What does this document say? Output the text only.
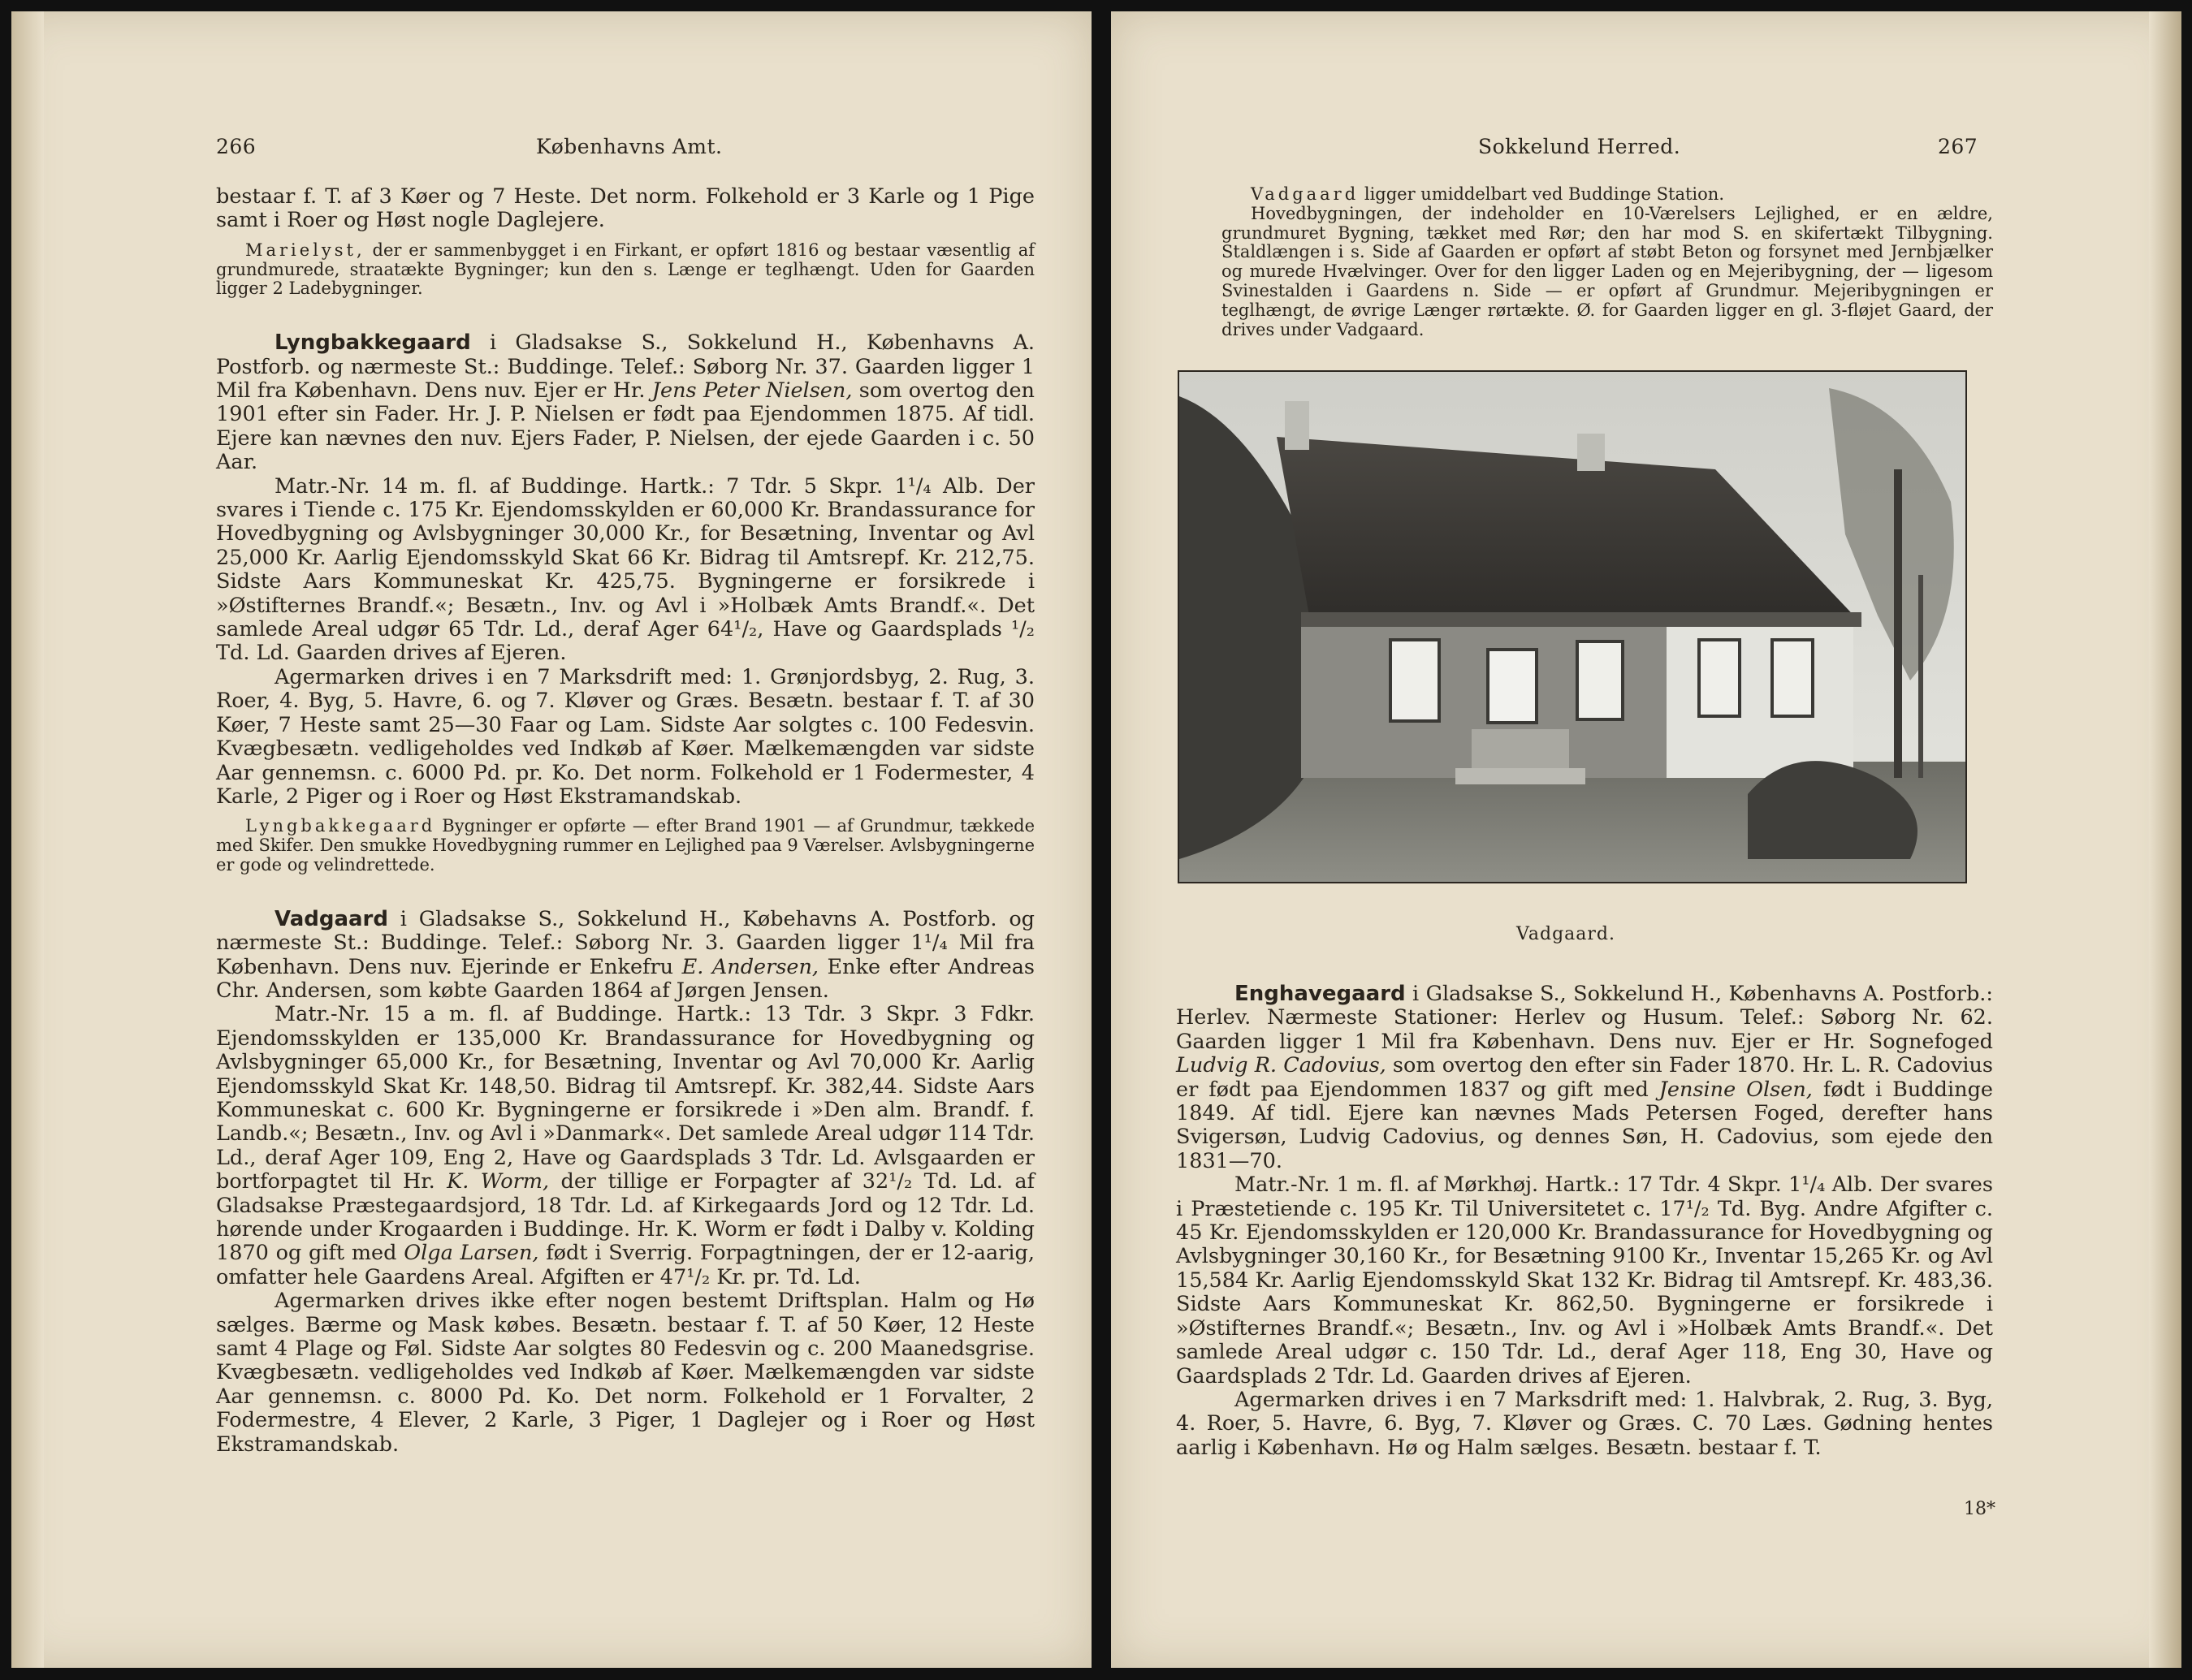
266	Københavns Amt.

bestaar f. T. af 3 Køer og 7 Heste. Det norm. Folkehold er 3 Karle og 1 Pige samt i Roer og Høst nogle Daglejere.

Marielyst, der er sammenbygget i en Firkant, er opført 1816 og bestaar væsentlig af grundmurede, straatækte Bygninger; kun den s. Længe er teglhængt. Uden for Gaarden ligger 2 Ladebygninger.

Lyngbakkegaard i Gladsakse S., Sokkelund H., Københavns A. Postforb. og nærmeste St.: Buddinge. Telef.: Søborg Nr. 37. Gaarden ligger 1 Mil fra København. Dens nuv. Ejer er Hr. Jens Peter Nielsen, som overtog den 1901 efter sin Fader. Hr. J. P. Nielsen er født paa Ejendommen 1875. Af tidl. Ejere kan nævnes den nuv. Ejers Fader, P. Nielsen, der ejede Gaarden i c. 50 Aar.

Matr.-Nr. 14 m. fl. af Buddinge. Hartk.: 7 Tdr. 5 Skpr. 1¹/₄ Alb. Der svares i Tiende c. 175 Kr. Ejendomsskylden er 60,000 Kr. Brandassurance for Hovedbygning og Avlsbygninger 30,000 Kr., for Besætning, Inventar og Avl 25,000 Kr. Aarlig Ejendomsskyld Skat 66 Kr. Bidrag til Amtsrepf. Kr. 212,75. Sidste Aars Kommuneskat Kr. 425,75. Bygningerne er forsikrede i »Østifternes Brandf.«; Besætn., Inv. og Avl i »Holbæk Amts Brandf.«. Det samlede Areal udgør 65 Tdr. Ld., deraf Ager 64¹/₂, Have og Gaardsplads ¹/₂ Td. Ld. Gaarden drives af Ejeren.

Agermarken drives i en 7 Marksdrift med: 1. Grønjordsbyg, 2. Rug, 3. Roer, 4. Byg, 5. Havre, 6. og 7. Kløver og Græs. Besætn. bestaar f. T. af 30 Køer, 7 Heste samt 25—30 Faar og Lam. Sidste Aar solgtes c. 100 Fedesvin. Kvægbesætn. vedligeholdes ved Indkøb af Køer. Mælkemængden var sidste Aar gennemsn. c. 6000 Pd. pr. Ko. Det norm. Folkehold er 1 Fodermester, 4 Karle, 2 Piger og i Roer og Høst Ekstramandskab.

Lyngbakkegaard Bygninger er opførte — efter Brand 1901 — af Grundmur, tækkede med Skifer. Den smukke Hovedbygning rummer en Lejlighed paa 9 Værelser. Avlsbygningerne er gode og velindrettede.

Vadgaard i Gladsakse S., Sokkelund H., Købehavns A. Postforb. og nærmeste St.: Buddinge. Telef.: Søborg Nr. 3. Gaarden ligger 1¹/₄ Mil fra København. Dens nuv. Ejerinde er Enkefru E. Andersen, Enke efter Andreas Chr. Andersen, som købte Gaarden 1864 af Jørgen Jensen.

Matr.-Nr. 15 a m. fl. af Buddinge. Hartk.: 13 Tdr. 3 Skpr. 3 Fdkr. Ejendomsskylden er 135,000 Kr. Brandassurance for Hovedbygning og Avlsbygninger 65,000 Kr., for Besætning, Inventar og Avl 70,000 Kr. Aarlig Ejendomsskyld Skat Kr. 148,50. Bidrag til Amtsrepf. Kr. 382,44. Sidste Aars Kommuneskat c. 600 Kr. Bygningerne er forsikrede i »Den alm. Brandf. f. Landb.«; Besætn., Inv. og Avl i »Danmark«. Det samlede Areal udgør 114 Tdr. Ld., deraf Ager 109, Eng 2, Have og Gaardsplads 3 Tdr. Ld. Avlsgaarden er bortforpagtet til Hr. K. Worm, der tillige er Forpagter af 32¹/₂ Td. Ld. af Gladsakse Præstegaardsjord, 18 Tdr. Ld. af Kirkegaards Jord og 12 Tdr. Ld. hørende under Krogaarden i Buddinge. Hr. K. Worm er født i Dalby v. Kolding 1870 og gift med Olga Larsen, født i Sverrig. Forpagtningen, der er 12-aarig, omfatter hele Gaardens Areal. Afgiften er 47¹/₂ Kr. pr. Td. Ld.

Agermarken drives ikke efter nogen bestemt Driftsplan. Halm og Hø sælges. Bærme og Mask købes. Besætn. bestaar f. T. af 50 Køer, 12 Heste samt 4 Plage og Føl. Sidste Aar solgtes 80 Fedesvin og c. 200 Maanedsgrise. Kvægbesætn. vedligeholdes ved Indkøb af Køer. Mælkemængden var sidste Aar gennemsn. c. 8000 Pd. Ko. Det norm. Folkehold er 1 Forvalter, 2 Fodermestre, 4 Elever, 2 Karle, 3 Piger, 1 Daglejer og i Roer og Høst Ekstramandskab.

Sokkelund Herred.	267

Vadgaard ligger umiddelbart ved Buddinge Station.

Hovedbygningen, der indeholder en 10-Værelsers Lejlighed, er en ældre, grundmuret Bygning, tækket med Rør; den har mod S. en skifertækt Tilbygning. Staldlængen i s. Side af Gaarden er opført af støbt Beton og forsynet med Jernbjælker og murede Hvælvinger. Over for den ligger Laden og en Mejeribygning, der — ligesom Svinestalden i Gaardens n. Side — er opført af Grundmur. Mejeribygningen er teglhængt, de øvrige Længer rørtækte. Ø. for Gaarden ligger en gl. 3-fløjet Gaard, der drives under Vadgaard.

Vadgaard.

Enghavegaard i Gladsakse S., Sokkelund H., Københavns A. Postforb.: Herlev. Nærmeste Stationer: Herlev og Husum. Telef.: Søborg Nr. 62. Gaarden ligger 1 Mil fra København. Dens nuv. Ejer er Hr. Sognefoged Ludvig R. Cadovius, som overtog den efter sin Fader 1870. Hr. L. R. Cadovius er født paa Ejendommen 1837 og gift med Jensine Olsen, født i Buddinge 1849. Af tidl. Ejere kan nævnes Mads Petersen Foged, derefter hans Svigersøn, Ludvig Cadovius, og dennes Søn, H. Cadovius, som ejede den 1831—70.

Matr.-Nr. 1 m. fl. af Mørkhøj. Hartk.: 17 Tdr. 4 Skpr. 1¹/₄ Alb. Der svares i Præstetiende c. 195 Kr. Til Universitetet c. 17¹/₂ Td. Byg. Andre Afgifter c. 45 Kr. Ejendomsskylden er 120,000 Kr. Brandassurance for Hovedbygning og Avlsbygninger 30,160 Kr., for Besætning 9100 Kr., Inventar 15,265 Kr. og Avl 15,584 Kr. Aarlig Ejendomsskyld Skat 132 Kr. Bidrag til Amtsrepf. Kr. 483,36. Sidste Aars Kommuneskat Kr. 862,50. Bygningerne er forsikrede i »Østifternes Brandf.«; Besætn., Inv. og Avl i »Holbæk Amts Brandf.«. Det samlede Areal udgør c. 150 Tdr. Ld., deraf Ager 118, Eng 30, Have og Gaardsplads 2 Tdr. Ld. Gaarden drives af Ejeren.

Agermarken drives i en 7 Marksdrift med: 1. Halvbrak, 2. Rug, 3. Byg, 4. Roer, 5. Havre, 6. Byg, 7. Kløver og Græs. C. 70 Læs. Gødning hentes aarlig i København. Hø og Halm sælges. Besætn. bestaar f. T.

18*
